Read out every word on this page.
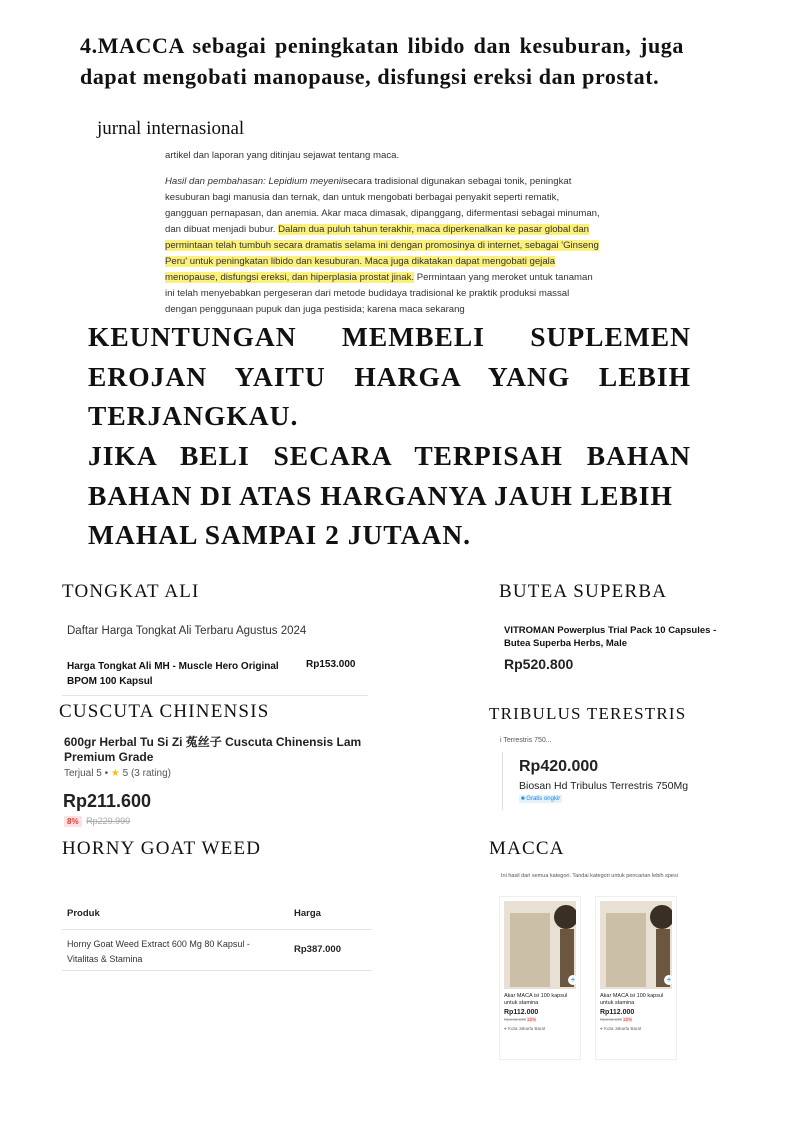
4.MACCA sebagai peningkatan libido dan kesuburan, juga dapat mengobati manopause, disfungsi ereksi dan prostat.
jurnal internasional

artikel dan laporan yang ditinjau sejawat tentang maca.

Hasil dan pembahasan: Lepidium meyeniisecara tradisional digunakan sebagai tonik, peningkat kesuburan bagi manusia dan ternak, dan untuk mengobati berbagai penyakit seperti rematik, gangguan pernapasan, dan anemia. Akar maca dimasak, dipanggang, difermentasi sebagai minuman, dan dibuat menjadi bubur. Dalam dua puluh tahun terakhir, maca diperkenalkan ke pasar global dan permintaan telah tumbuh secara dramatis selama ini dengan promosinya di internet, sebagai 'Ginseng Peru' untuk peningkatan libido dan kesuburan. Maca juga dikatakan dapat mengobati gejala menopause, disfungsi ereksi, dan hiperplasia prostat jinak. Permintaan yang meroket untuk tanaman ini telah menyebabkan pergeseran dari metode budidaya tradisional ke praktik produksi massal dengan penggunaan pupuk dan juga pestisida; karena maca sekarang

KEUNTUNGAN MEMBELI SUPLEMEN EROJAN YAITU HARGA YANG LEBIH TERJANGKAU.
JIKA BELI SECARA TERPISAH BAHAN BAHAN DI ATAS HARGANYA JAUH LEBIH
MAHAL SAMPAI 2 JUTAAN.
TONGKAT ALI
Daftar Harga Tongkat Ali Terbaru Agustus 2024
Harga Tongkat Ali MH - Muscle Hero Original BPOM 100 Kapsul
Rp153.000
BUTEA SUPERBA
VITROMAN Powerplus Trial Pack 10 Capsules - Butea Superba Herbs, Male
Rp520.800
CUSCUTA CHINENSIS
600gr Herbal Tu Si Zi 菟丝子 Cuscuta Chinensis Lam Premium Grade
Terjual 5 • ★ 5 (3 rating)
Rp211.600
8% Rp229.999
TRIBULUS TERESTRIS
i Terrestris 750...
Rp420.000
Biosan Hd Tribulus Terrestris 750Mg
■ Gratis ongkir
HORNY GOAT WEED
Produk	Harga
Horny Goat Weed Extract 600 Mg 80 Kapsul - Vitalitas & Stamina
Rp387.000
MACCA
Ini hasil dari semua kategori. Tandai kategori untuk pencarian lebih spesi
+
Akar MACA isi 100 kapsul untuk stamina
Rp112.000
Rp143.600 22%
● Kota Jakarta Barat
+
Akar MACA isi 100 kapsul untuk stamina
Rp112.000
Rp143.600 22%
● Kota Jakarta Barat
